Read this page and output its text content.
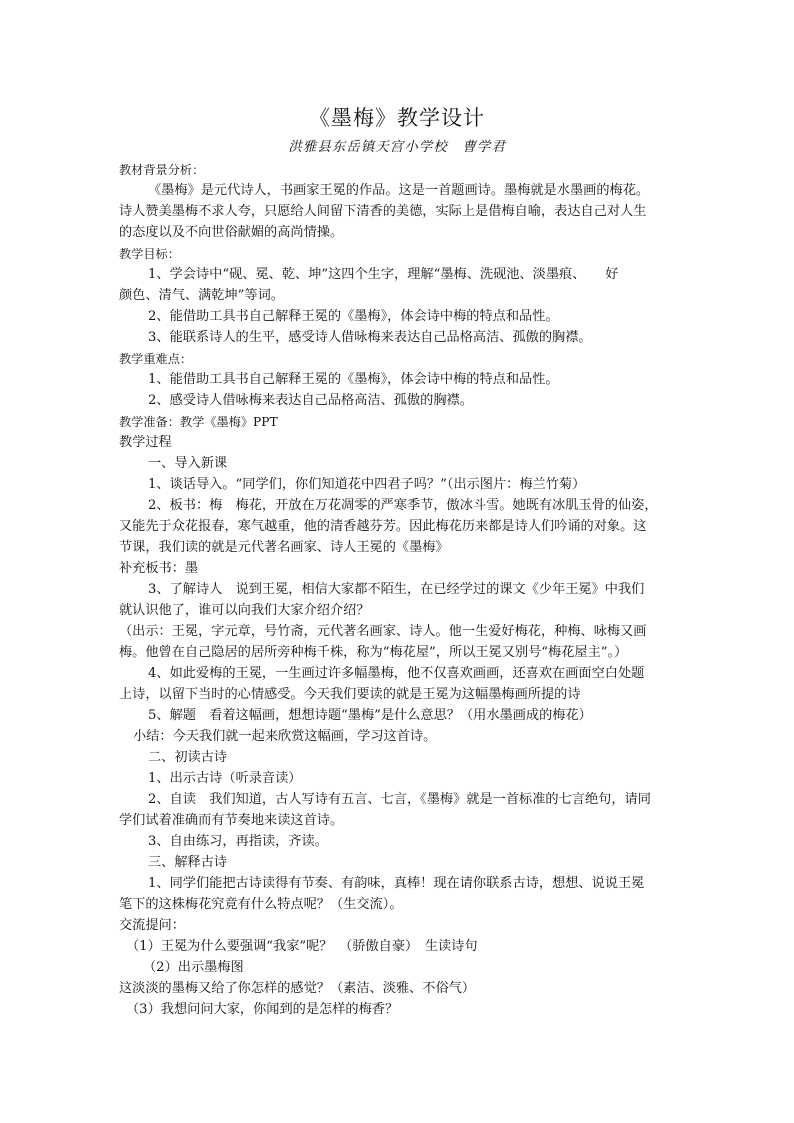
《墨梅》教学设计
洪雅县东岳镇天宫小学校　曹学君
教材背景分析：
《墨梅》是元代诗人，书画家王冕的作品。这是一首题画诗。墨梅就是水墨画的梅花。
诗人赞美墨梅不求人夸，只愿给人间留下清香的美德，实际上是借梅自喻，表达自己对人生
的态度以及不向世俗献媚的高尚情操。
教学目标：
1、学会诗中“砚、冕、乾、坤”这四个生字，理解“墨梅、洗砚池、淡墨痕、　　好
颜色、清气、满乾坤”等词。
2、能借助工具书自己解释王冕的《墨梅》，体会诗中梅的特点和品性。
3、能联系诗人的生平，感受诗人借咏梅来表达自己品格高洁、孤傲的胸襟。
教学重难点：
1、能借助工具书自己解释王冕的《墨梅》，体会诗中梅的特点和品性。
2、感受诗人借咏梅来表达自己品格高洁、孤傲的胸襟。
教学准备：教学《墨梅》PPT
教学过程
一、导入新课
1、谈话导入。“同学们，你们知道花中四君子吗？”（出示图片：梅兰竹菊）
2、板书：梅　梅花，开放在万花凋零的严寒季节，傲冰斗雪。她既有冰肌玉骨的仙姿，
又能先于众花报春，寒气越重，他的清香越芬芳。因此梅花历来都是诗人们吟诵的对象。这
节课，我们读的就是元代著名画家、诗人王冕的《墨梅》
补充板书：墨
3、了解诗人　说到王冕，相信大家都不陌生，在已经学过的课文《少年王冕》中我们
就认识他了，谁可以向我们大家介绍介绍？
（出示：王冕，字元章，号竹斋，元代著名画家、诗人。他一生爱好梅花，种梅、咏梅又画
梅。他曾在自己隐居的居所旁种梅千株，称为“梅花屋”，所以王冕又别号“梅花屋主”。）
4、如此爱梅的王冕，一生画过许多幅墨梅，他不仅喜欢画画，还喜欢在画面空白处题
上诗，以留下当时的心情感受。今天我们要读的就是王冕为这幅墨梅画所提的诗
5、解题　看着这幅画，想想诗题“墨梅”是什么意思？（用水墨画成的梅花）
小结：今天我们就一起来欣赏这幅画，学习这首诗。
二、初读古诗
1、出示古诗（听录音读）
2、自读　我们知道，古人写诗有五言、七言，《墨梅》就是一首标准的七言绝句，请同
学们试着准确而有节奏地来读这首诗。
3、自由练习，再指读，齐读。
三、解释古诗
1、同学们能把古诗读得有节奏、有韵味，真棒！现在请你联系古诗，想想、说说王冕
笔下的这株梅花究竟有什么特点呢？（生交流）。
交流提问：
（1）王冕为什么要强调“我家”呢？　（骄傲自豪）　生读诗句
（2）出示墨梅图
这淡淡的墨梅又给了你怎样的感觉？（素洁、淡雅、不俗气）
（3）我想问问大家，你闻到的是怎样的梅香？
